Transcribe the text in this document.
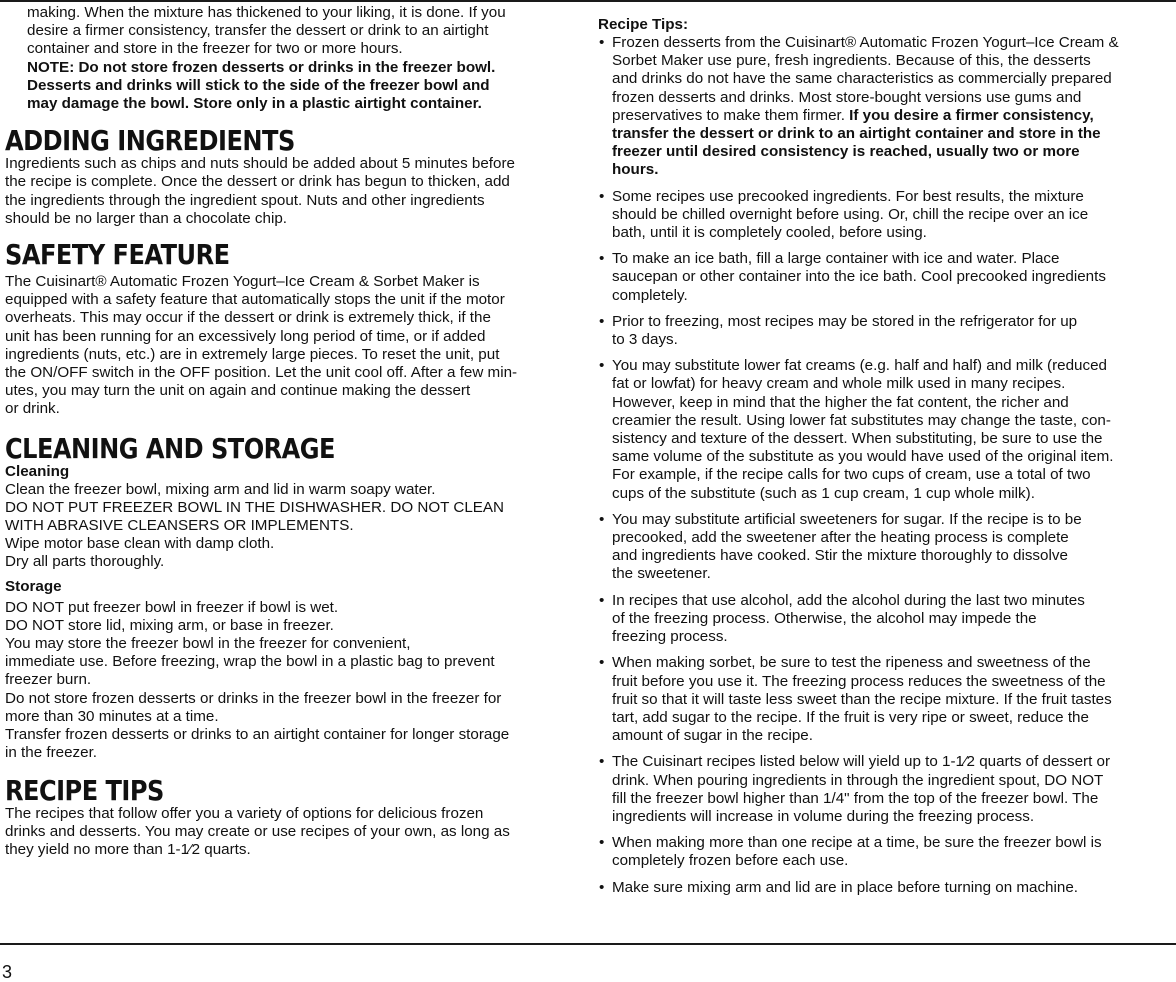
making. When the mixture has thickened to your liking, it is done. If you

desire a firmer consistency, transfer the dessert or drink to an airtight

container and store in the freezer for two or more hours.

NOTE: Do not store frozen desserts or drinks in the freezer bowl.

Desserts and drinks will stick to the side of the freezer bowl and

may damage the bowl. Store only in a plastic airtight container.

ADDING INGREDIENTS

Ingredients such as chips and nuts should be added about 5 minutes before

the recipe is complete. Once the dessert or drink has begun to thicken, add

the ingredients through the ingredient spout. Nuts and other ingredients

should be no larger than a chocolate chip.

SAFETY FEATURE

The Cuisinart® Automatic Frozen Yogurt–Ice Cream & Sorbet Maker is

equipped with a safety feature that automatically stops the unit if the motor

overheats. This may occur if the dessert or drink is extremely thick, if the

unit has been running for an excessively long period of time, or if added

ingredients (nuts, etc.) are in extremely large pieces. To reset the unit, put

the ON/OFF switch in the OFF position. Let the unit cool off. After a few min-

utes, you may turn the unit on again and continue making the dessert

or drink.

CLEANING AND STORAGE

Cleaning

Clean the freezer bowl, mixing arm and lid in warm soapy water.

DO NOT PUT FREEZER BOWL IN THE DISHWASHER. DO NOT CLEAN

WITH ABRASIVE CLEANSERS OR IMPLEMENTS.

Wipe motor base clean with damp cloth.

Dry all parts thoroughly.

Storage

DO NOT put freezer bowl in freezer if bowl is wet.

DO NOT store lid, mixing arm, or base in freezer.

You may store the freezer bowl in the freezer for convenient,

immediate use. Before freezing, wrap the bowl in a plastic bag to prevent

freezer burn.

Do not store frozen desserts or drinks in the freezer bowl in the freezer for

more than 30 minutes at a time.

Transfer frozen desserts or drinks to an airtight container for longer storage

in the freezer.

RECIPE TIPS

The recipes that follow offer you a variety of options for delicious frozen

drinks and desserts. You may create or use recipes of your own, as long as

they yield no more than 1-1⁄2 quarts.

Recipe Tips:

• Frozen desserts from the Cuisinart® Automatic Frozen Yogurt–Ice Cream &

Sorbet Maker use pure, fresh ingredients. Because of this, the desserts

and drinks do not have the same characteristics as commercially prepared

frozen desserts and drinks. Most store-bought versions use gums and

preservatives to make them firmer. If you desire a firmer consistency,

transfer the dessert or drink to an airtight container and store in the

freezer until desired consistency is reached, usually two or more

hours.

• Some recipes use precooked ingredients. For best results, the mixture

should be chilled overnight before using. Or, chill the recipe over an ice

bath, until it is completely cooled, before using.

• To make an ice bath, fill a large container with ice and water. Place

saucepan or other container into the ice bath. Cool precooked ingredients

completely.

• Prior to freezing, most recipes may be stored in the refrigerator for up

to 3 days.

• You may substitute lower fat creams (e.g. half and half) and milk (reduced

fat or lowfat) for heavy cream and whole milk used in many recipes.

However, keep in mind that the higher the fat content, the richer and

creamier the result. Using lower fat substitutes may change the taste, con-

sistency and texture of the dessert. When substituting, be sure to use the

same volume of the substitute as you would have used of the original item.

For example, if the recipe calls for two cups of cream, use a total of two

cups of the substitute (such as 1 cup cream, 1 cup whole milk).

• You may substitute artificial sweeteners for sugar. If the recipe is to be

precooked, add the sweetener after the heating process is complete

and ingredients have cooked. Stir the mixture thoroughly to dissolve

the sweetener.

• In recipes that use alcohol, add the alcohol during the last two minutes

of the freezing process. Otherwise, the alcohol may impede the

freezing process.

• When making sorbet, be sure to test the ripeness and sweetness of the

fruit before you use it. The freezing process reduces the sweetness of the

fruit so that it will taste less sweet than the recipe mixture. If the fruit tastes

tart, add sugar to the recipe. If the fruit is very ripe or sweet, reduce the

amount of sugar in the recipe.

• The Cuisinart recipes listed below will yield up to 1-1⁄2 quarts of dessert or

drink. When pouring ingredients in through the ingredient spout, DO NOT

fill the freezer bowl higher than 1/4" from the top of the freezer bowl. The

ingredients will increase in volume during the freezing process.

• When making more than one recipe at a time, be sure the freezer bowl is

completely frozen before each use.

• Make sure mixing arm and lid are in place before turning on machine.

3
